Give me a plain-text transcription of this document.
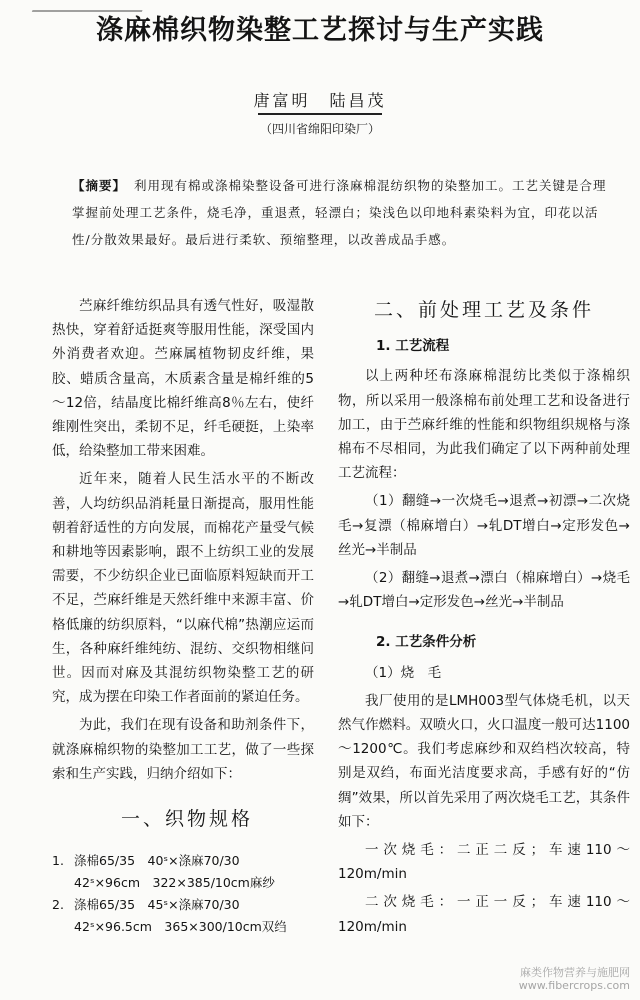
涤麻棉织物染整工艺探讨与生产实践
唐富明　陆昌茂
（四川省绵阳印染厂）
【摘要】 利用现有棉或涤棉染整设备可进行涤麻棉混纺织物的染整加工。工艺关键是合理掌握前处理工艺条件，烧毛净，重退煮，轻漂白；染浅色以印地科素染料为宜，印花以活性/分散效果最好。最后进行柔软、预缩整理，以改善成品手感。

苎麻纤维纺织品具有透气性好，吸湿散热快，穿着舒适挺爽等服用性能，深受国内外消费者欢迎。苎麻属植物韧皮纤维，果胶、蜡质含量高，木质素含量是棉纤维的5～12倍，结晶度比棉纤维高8％左右，使纤维刚性突出，柔韧不足，纤毛硬挺，上染率低，给染整加工带来困难。

近年来，随着人民生活水平的不断改善，人均纺织品消耗量日渐提高，服用性能朝着舒适性的方向发展，而棉花产量受气候和耕地等因素影响，跟不上纺织工业的发展需要，不少纺织企业已面临原料短缺而开工不足，苎麻纤维是天然纤维中来源丰富、价格低廉的纺织原料，“以麻代棉”热潮应运而生，各种麻纤维纯纺、混纺、交织物相继问世。因而对麻及其混纺织物染整工艺的研究，成为摆在印染工作者面前的紧迫任务。

为此，我们在现有设备和助剂条件下，就涤麻棉织物的染整加工工艺，做了一些探索和生产实践，归纳介绍如下：

一、织物规格
1. 涤棉65/35　40ˢ×涤麻70/30
42ˢ×96cm　322×385/10cm麻纱
2. 涤棉65/35　45ˢ×涤麻70/30
42ˢ×96.5cm　365×300/10cm双绉
二、前处理工艺及条件

1. 工艺流程

以上两种坯布涤麻棉混纺比类似于涤棉织物，所以采用一般涤棉布前处理工艺和设备进行加工，由于苎麻纤维的性能和织物组织规格与涤棉布不尽相同，为此我们确定了以下两种前处理工艺流程：

（1）翻缝→一次烧毛→退煮→初漂→二次烧毛→复漂（棉麻增白）→轧DT增白→定形发色→丝光→半制品

（2）翻缝→退煮→漂白（棉麻增白）→烧毛→轧DT增白→定形发色→丝光→半制品

2. 工艺条件分析

（1）烧　毛

我厂使用的是LMH003型气体烧毛机，以天然气作燃料。双喷火口，火口温度一般可达1100～1200℃。我们考虑麻纱和双绉档次较高，特别是双绉，布面光洁度要求高，手感有好的“仿绸”效果，所以首先采用了两次烧毛工艺，其条件如下：

一次烧毛：二正二反；车速110～120m/min

二次烧毛：一正一反；车速110～120m/min

麻类作物营养与施肥网
www.fibercrops.com
